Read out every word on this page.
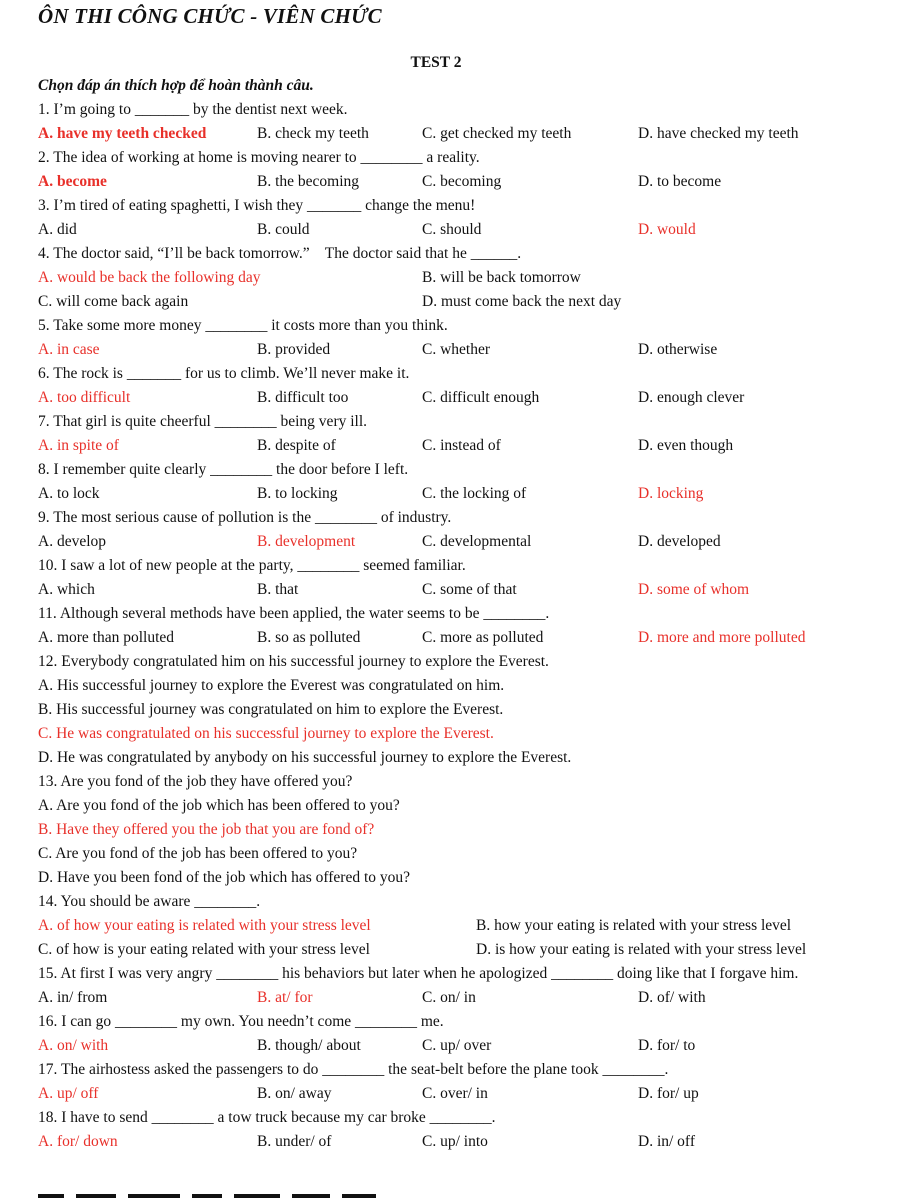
ÔN THI CÔNG CHỨC - VIÊN CHỨC
TEST 2
Chọn đáp án thích hợp để hoàn thành câu.
1. I’m going to _______ by the dentist next week.
A. have my teeth checked	B. check my teeth	C. get checked my teeth	D. have checked my teeth
2. The idea of working at home is moving nearer to ________ a reality.
A. become	B. the becoming	C. becoming	D. to become
3. I’m tired of eating spaghetti, I wish they _______ change the menu!
A. did	B. could	C. should	D. would
4. The doctor said, “I’ll be back tomorrow.”    The doctor said that he ______.
A. would be back the following day	B. will be back tomorrow
C. will come back again	D. must come back the next day
5. Take some more money ________ it costs more than you think.
A. in case	B. provided	C. whether	D. otherwise
6. The rock is _______ for us to climb. We’ll never make it.
A. too difficult	B. difficult too	C. difficult enough	D. enough clever
7. That girl is quite cheerful ________ being very ill.
A. in spite of	B. despite of	C. instead of	D. even though
8. I remember quite clearly ________ the door before I left.
A. to lock	B. to locking	C. the locking of	D. locking
9. The most serious cause of pollution is the ________ of industry.
A. develop	B. development	C. developmental	D. developed
10. I saw a lot of new people at the party, ________ seemed familiar.
A. which	B. that	C. some of that	D. some of whom
11. Although several methods have been applied, the water seems to be ________.
A. more than polluted	B. so as polluted	C. more as polluted	D. more and more polluted
12. Everybody congratulated him on his successful journey to explore the Everest.
A. His successful journey to explore the Everest was congratulated on him.
B. His successful journey was congratulated on him to explore the Everest.
C. He was congratulated on his successful journey to explore the Everest.
D. He was congratulated by anybody on his successful journey to explore the Everest.
13. Are you fond of the job they have offered you?
A. Are you fond of the job which has been offered to you?
B. Have they offered you the job that you are fond of?
C. Are you fond of the job has been offered to you?
D. Have you been fond of the job which has offered to you?
14. You should be aware ________.
A. of how your eating is related with your stress level	B. how your eating is related with your stress level
C. of how is your eating related with your stress level	D. is how your eating is related with your stress level
15. At first I was very angry ________ his behaviors but later when he apologized ________ doing like that I forgave him.
A. in/ from	B. at/ for	C. on/ in	D. of/ with
16. I can go ________ my own. You needn’t come ________ me.
A. on/ with	B. though/ about	C. up/ over	D. for/ to
17. The airhostess asked the passengers to do ________ the seat-belt before the plane took ________.
A. up/ off	B. on/ away	C. over/ in	D. for/ up
18. I have to send ________ a tow truck because my car broke ________.
A. for/ down	B. under/ of	C. up/ into	D. in/ off
